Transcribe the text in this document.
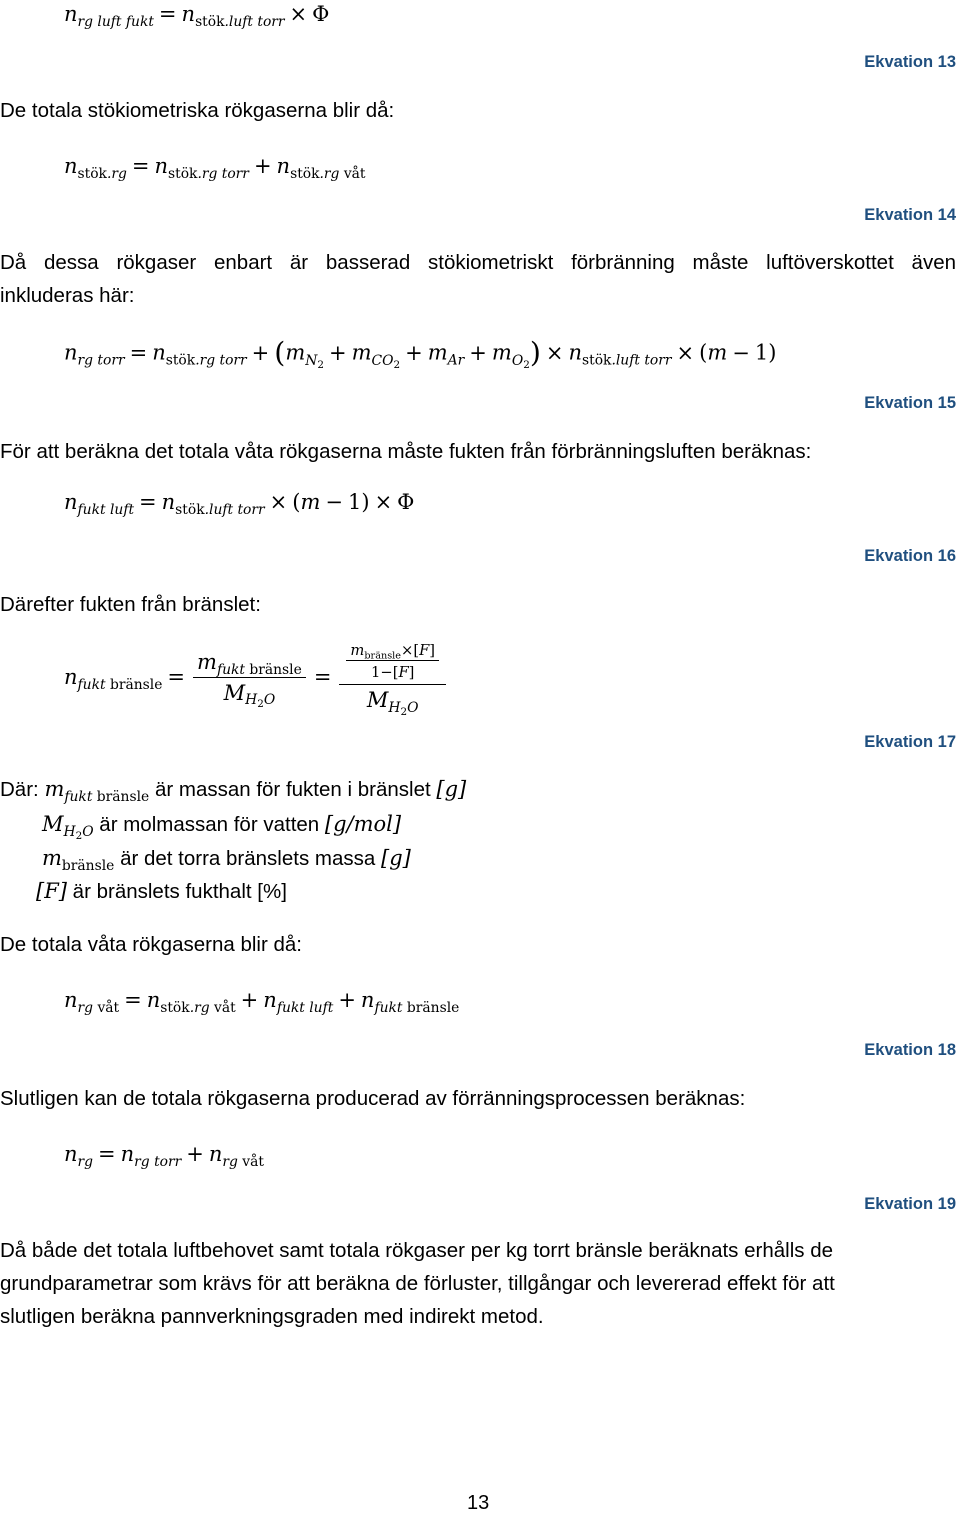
$n_{rg luft fukt} = n_{stök.luft torr} \times \Phi$
Ekvation 13
De totala stökiometriska rökgaserna blir då:
$n_{stök.rg} = n_{stök.rg torr} + n_{stök.rg våt}$
Ekvation 14
Då dessa rökgaser enbart är basserad stökiometriskt förbränning måste luftöverskottet även
inkluderas här:
$n_{rg torr} = n_{stök.rg torr} + (m_{N_2} + m_{CO_2} + m_{Ar} + m_{O_2}) \times n_{stök.luft torr} \times (m - 1)$
Ekvation 15
För att beräkna det totala våta rökgaserna måste fukten från förbränningsluften beräknas:
$n_{fukt luft} = n_{stök.luft torr} \times (m - 1) \times \Phi$
Ekvation 16
Därefter fukten från bränslet:
$n_{fukt bränsle} = \frac{m_{fukt bränsle}}{M_{H_2O}} = \frac{\frac{m_{bränsle}\times[F]}{1-[F]}}{M_{H_2O}}$
Ekvation 17
Där: $m_{fukt bränsle}$ är massan för fukten i bränslet [g]
$M_{H_2O}$ är molmassan för vatten [g/mol]
$m_{bränsle}$ är det torra bränslets massa [g]
[F] är bränslets fukthalt [%]
De totala våta rökgaserna blir då:
$n_{rg våt} = n_{stök.rg våt} + n_{fukt luft} + n_{fukt bränsle}$
Ekvation 18
Slutligen kan de totala rökgaserna producerad av förränningsprocessen beräknas:
$n_{rg} = n_{rg torr} + n_{rg våt}$
Ekvation 19
Då både det totala luftbehovet samt totala rökgaser per kg torrt bränsle beräknats erhålls de
grundparametrar som krävs för att beräkna de förluster, tillgångar och levererad effekt för att
slutligen beräkna pannverkningsgraden med indirekt metod.
13
